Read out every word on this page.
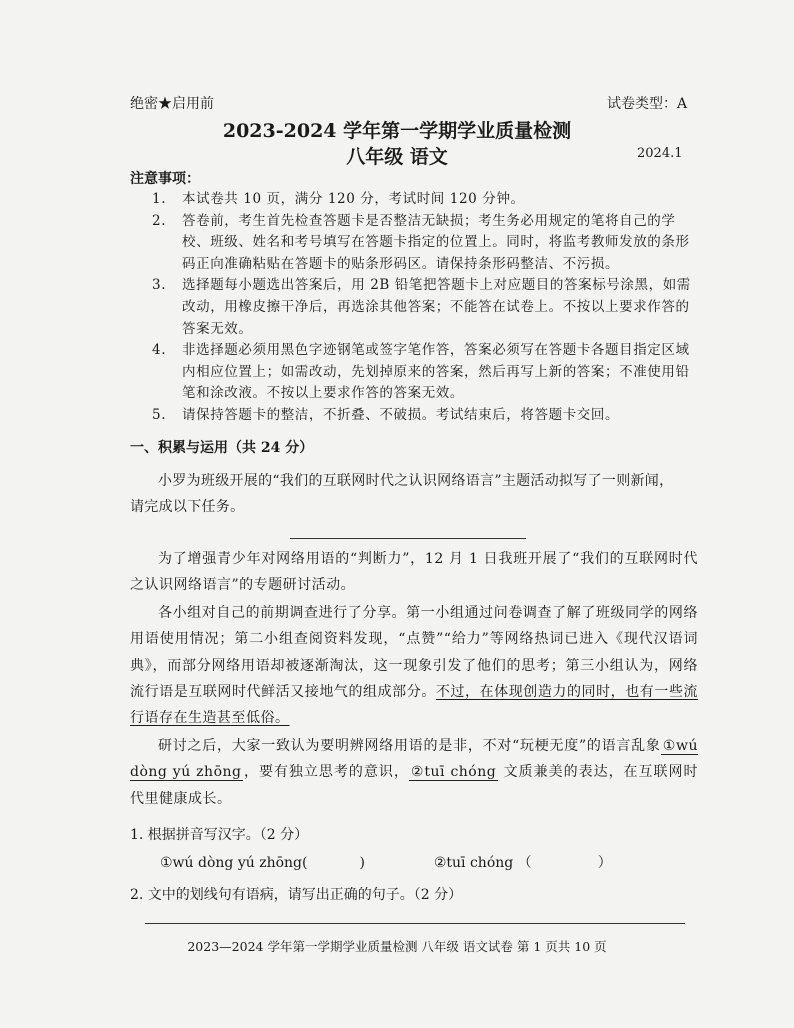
绝密★启用前	试卷类型：A
2023-2024 学年第一学期学业质量检测
八年级 语文	2024.1
注意事项：
1.	本试卷共 10 页，满分 120 分，考试时间 120 分钟。
2.	答卷前，考生首先检查答题卡是否整洁无缺损；考生务必用规定的笔将自己的学校、班级、姓名和考号填写在答题卡指定的位置上。同时，将监考教师发放的条形码正向准确粘贴在答题卡的贴条形码区。请保持条形码整洁、不污损。
3.	选择题每小题选出答案后，用 2B 铅笔把答题卡上对应题目的答案标号涂黑，如需改动，用橡皮擦干净后，再选涂其他答案；不能答在试卷上。不按以上要求作答的答案无效。
4.	非选择题必须用黑色字迹钢笔或签字笔作答，答案必须写在答题卡各题目指定区域内相应位置上；如需改动，先划掉原来的答案，然后再写上新的答案；不准使用铅笔和涂改液。不按以上要求作答的答案无效。
5.	请保持答题卡的整洁，不折叠、不破损。考试结束后，将答题卡交回。
一、积累与运用（共 24 分）
小罗为班级开展的“我们的互联网时代之认识网络语言”主题活动拟写了一则新闻，请完成以下任务。

为了增强青少年对网络用语的“判断力”，12 月 1 日我班开展了“我们的互联网时代之认识网络语言”的专题研讨活动。

各小组对自己的前期调查进行了分享。第一小组通过问卷调查了解了班级同学的网络用语使用情况；第二小组查阅资料发现，“点赞”“给力”等网络热词已进入《现代汉语词典》，而部分网络用语却被逐渐淘汰，这一现象引发了他们的思考；第三小组认为，网络流行语是互联网时代鲜活又接地气的组成部分。不过，在体现创造力的同时，也有一些流行语存在生造甚至低俗。

研讨之后，大家一致认为要明辨网络用语的是非，不对“玩梗无度”的语言乱象 ①wú dòng yú zhōng ，要有独立思考的意识， ②tuī chóng 文质兼美的表达，在互联网时代里健康成长。

1. 根据拼音写汉字。（2 分）
①wú dòng yú zhōng(	)	②tuī chóng （	）
2. 文中的划线句有语病，请写出正确的句子。（2 分）
2023—2024 学年第一学期学业质量检测 八年级 语文试卷 第 1 页共 10 页
